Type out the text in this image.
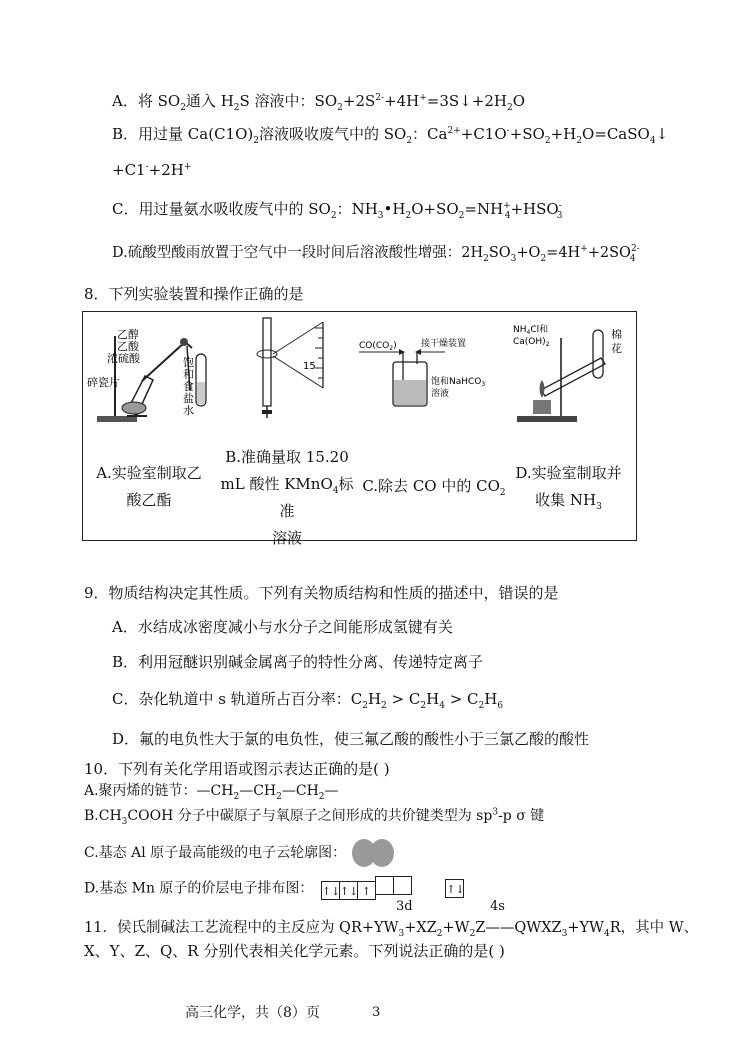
A．将 $SO_2$通入 $H_2S$ 溶液中：$SO_2+2S^{2-}+4H^+=3S↓+2H_2O$
B．用过量 $Ca(C1O)_2$溶液吸收废气中的 $SO_2$：$Ca^{2+}+C1O^-+SO_2+H_2O=CaSO_4↓$
+C1-+2H+
C．用过量氨水吸收废气中的 $SO_2$：$NH_3•H_2O+SO_2=NH^+_4+HSO^-_3$
D.硫酸型酸雨放置于空气中一段时间后溶液酸性增强：$2H_2SO_3+O_2=4H^++2SO^{2-}_4$
8．下列实验装置和操作正确的是
乙醇
乙酸
浓硫酸
碎瓷片
饱
和
食
盐
水
15
$CO(CO_2)$	接干燥装置
饱和NaHCO$_3$
溶液
$NH_4Cl$和
$Ca(OH)_2$
棉
花
A.实验室制取乙
酸乙酯
B.准确量取 15.20
mL 酸性 KMnO$_4$标准
溶液
C.除去 CO 中的 $CO_2$
D.实验室制取并
收集 $NH_3$
9．物质结构决定其性质。下列有关物质结构和性质的描述中，错误的是
A．水结成冰密度减小与水分子之间能形成氢键有关
B．利用冠醚识别碱金属离子的特性分离、传递特定离子
C．杂化轨道中 s 轨道所占百分率：$C_2H_2 > C_2H_4 > C_2H_6$
D．氟的电负性大于氯的电负性，使三氟乙酸的酸性小于三氯乙酸的酸性
10．下列有关化学用语或图示表达正确的是( )
A.聚丙烯的链节：$—CH_2—CH_2—CH_2—$
$B.CH_3COOH$ 分子中碳原子与氧原子之间形成的共价键类型为 $sp^3-p$ σ 键
C.基态 Al 原子最高能级的电子云轮廓图：
D.基态 Mn 原子的价层电子排布图： ↑↓↑↓ ↑	↑↓
3d	4s
11．侯氏制碱法工艺流程中的主反应为 $QR+YW_3+XZ_2+W_2Z——QWXZ_3+YW_4R$，其中 W、
X、Y、Z、Q、R 分别代表相关化学元素。下列说法正确的是( )
高三化学，共（8）页	3
